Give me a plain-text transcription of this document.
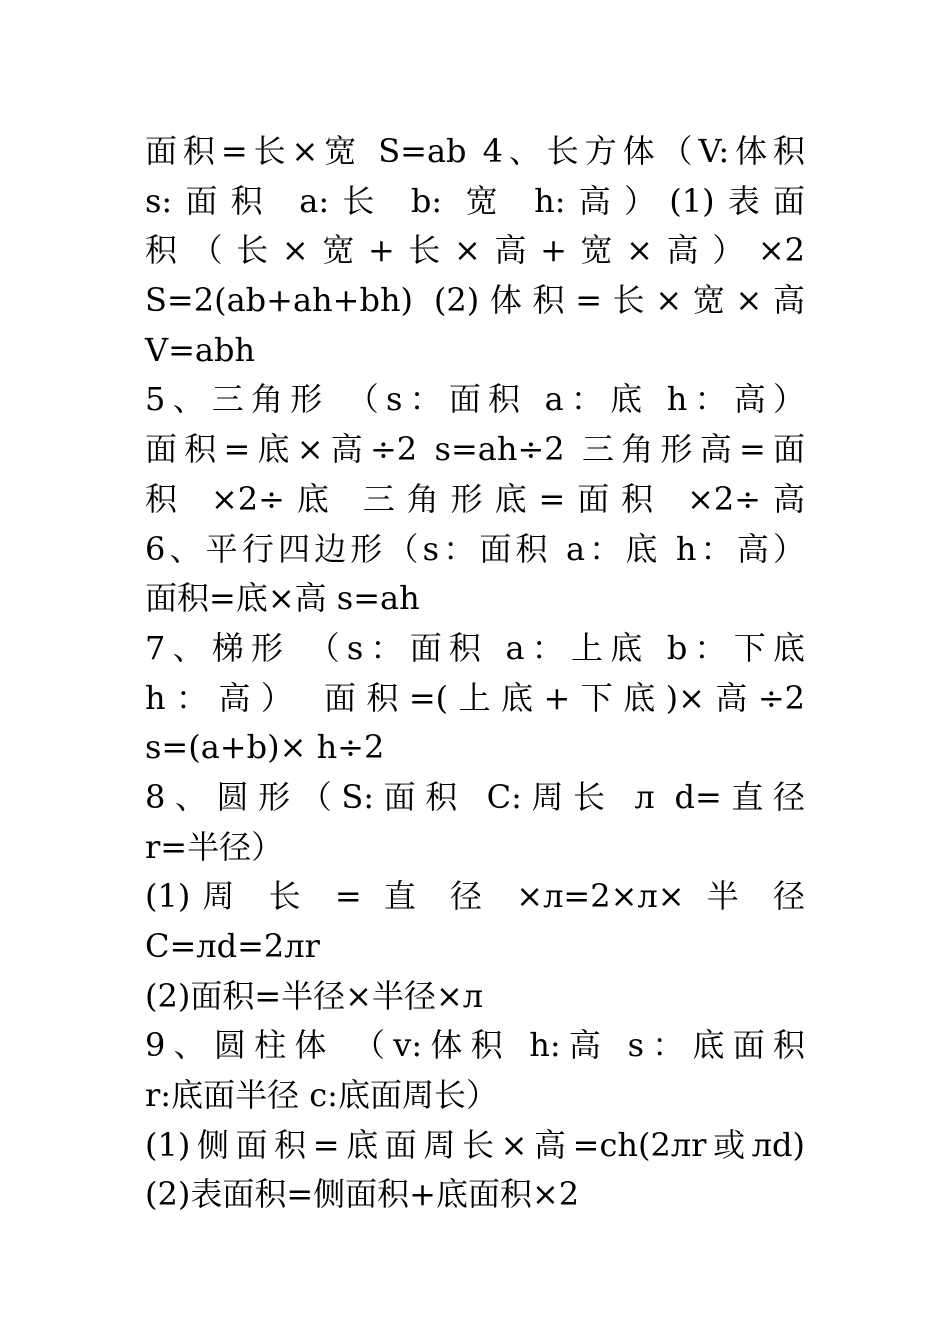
面积=长×宽 S=ab 4、长方体（V:体积
s:面积 a:长 b: 宽 h:高）(1)表面
积（长×宽+长×高+宽×高）×2
S=2(ab+ah+bh) (2)体积=长×宽×高
V=abh
5、三角形 （s：面积 a：底 h：高）
面积=底×高÷2 s=ah÷2 三角形高=面
积 ×2÷底 三角形底=面积 ×2÷高
6、平行四边形（s：面积 a：底 h：高）
面积=底×高 s=ah
7、梯形 （s：面积 a：上底 b：下底
h：高） 面积=(上底+下底)×高÷2
s=(a+b)× h÷2
8、圆形（S:面积 C:周长 л d=直径
r=半径）
(1)周 长 = 直 径 ×л=2×л× 半 径
C=лd=2лr
(2)面积=半径×半径×л
9、圆柱体 （v:体积 h:高 s：底面积
r:底面半径 c:底面周长）
(1)侧面积=底面周长×高=ch(2лr或лd)
(2)表面积=侧面积+底面积×2
